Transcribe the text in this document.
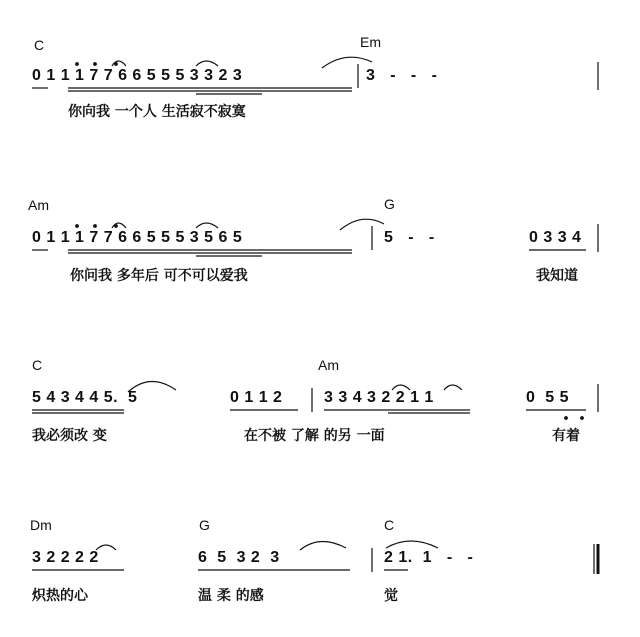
C	Em
0 1 1 1 7 7 6 6 5 5 5 3 3 2 3	3   -   -   -
你向我 一个人 生活寂不寂寞
Am	G
0 1 1 1 7 7 6 6 5 5 5 3 5 6 5	5   -   -	0 3 3 4
你问我 多年后 可不可以爱我	我知道
C	Am
5 4 3 4 4 5.  5	0 1 1 2	3 3 4 3 2 2 1 1	0  5 5
我必须改 变	在不被 了解 的另 一面	有着
Dm	G	C
3 2 2 2 2	6  5  3 2  3	2 1.  1   -   -
炽热的心	温 柔 的感	觉
